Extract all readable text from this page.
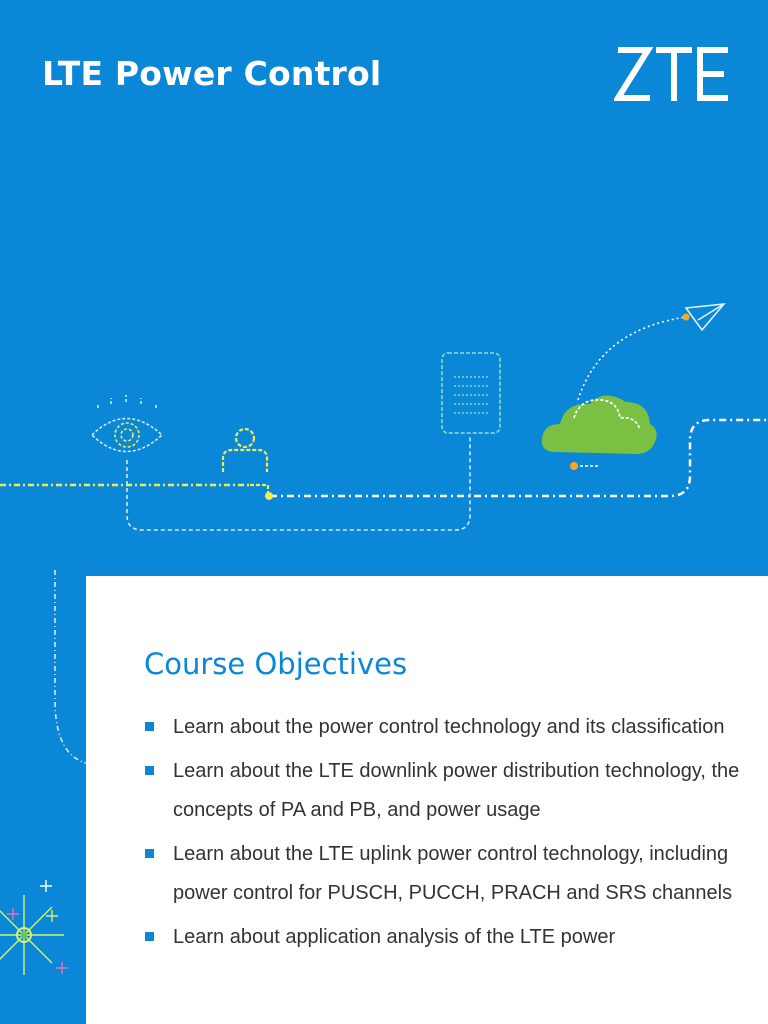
LTE Power Control
Course Objectives
Learn about the power control technology and its classification
Learn about the LTE downlink power distribution technology, the concepts of PA and PB, and power usage
Learn about the LTE uplink power control technology, including power control for PUSCH, PUCCH, PRACH and SRS channels
Learn about application analysis of the LTE power
